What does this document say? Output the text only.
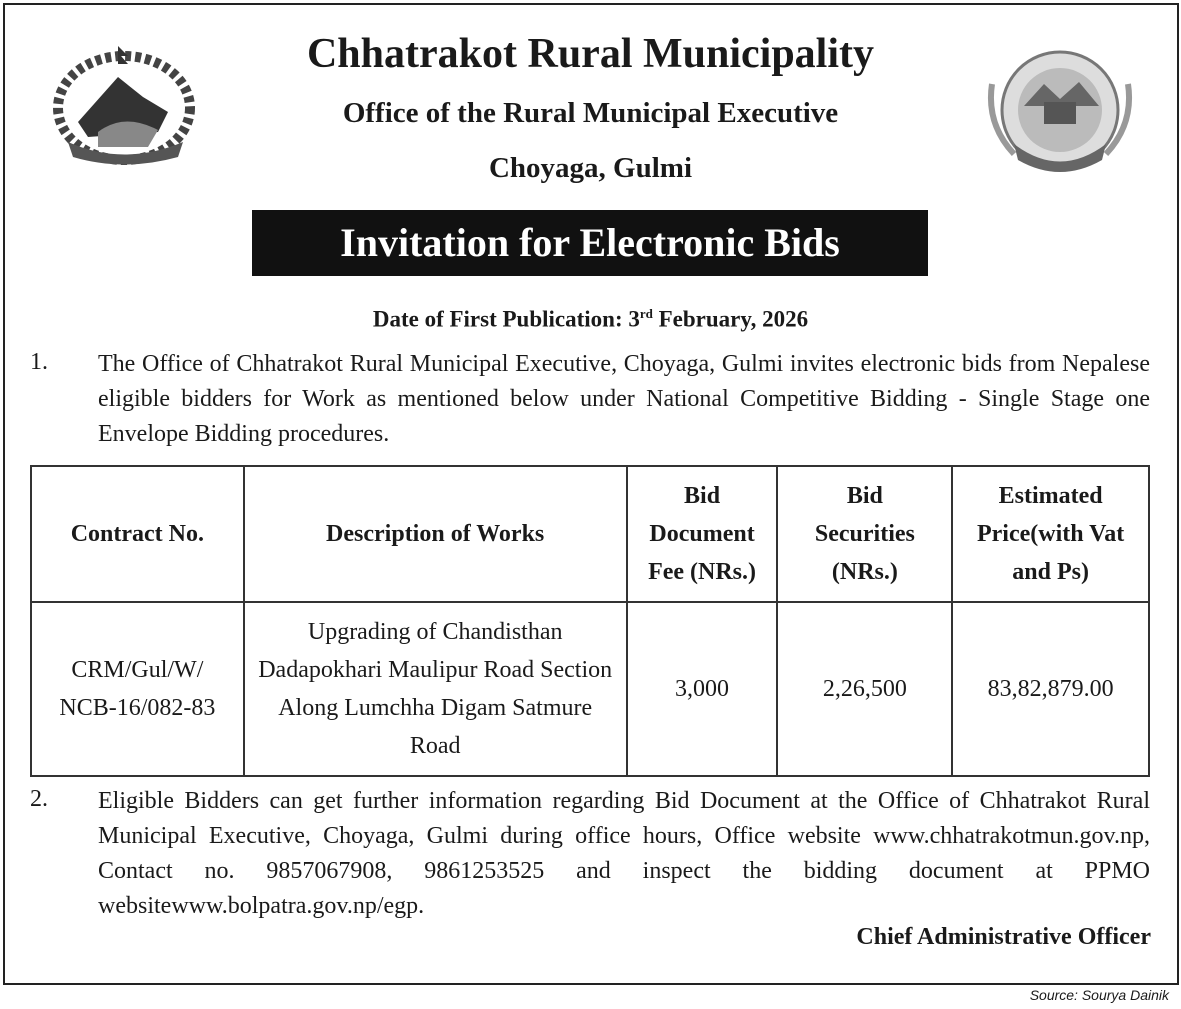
Chhatrakot Rural Municipality
Office of the Rural Municipal Executive
Choyaga, Gulmi
Invitation for Electronic Bids
Date of First Publication: 3rd February, 2026
1. The Office of Chhatrakot Rural Municipal Executive, Choyaga, Gulmi invites electronic bids from Nepalese eligible bidders for Work as mentioned below under National Competitive Bidding - Single Stage one Envelope Bidding procedures.
Contract No.	Description of Works	Bid Document Fee (NRs.)	Bid Securities (NRs.)	Estimated Price(with Vat and Ps)
CRM/Gul/W/ NCB-16/082-83	Upgrading of Chandisthan Dadapokhari Maulipur Road Section Along Lumchha Digam Satmure Road	3,000	2,26,500	83,82,879.00
2. Eligible Bidders can get further information regarding Bid Document at the Office of Chhatrakot Rural Municipal Executive, Choyaga, Gulmi during office hours, Office website www.chhatrakotmun.gov.np, Contact no. 9857067908, 9861253525 and inspect the bidding document at PPMO websitewww.bolpatra.gov.np/egp.
Chief Administrative Officer
Source: Sourya Dainik
